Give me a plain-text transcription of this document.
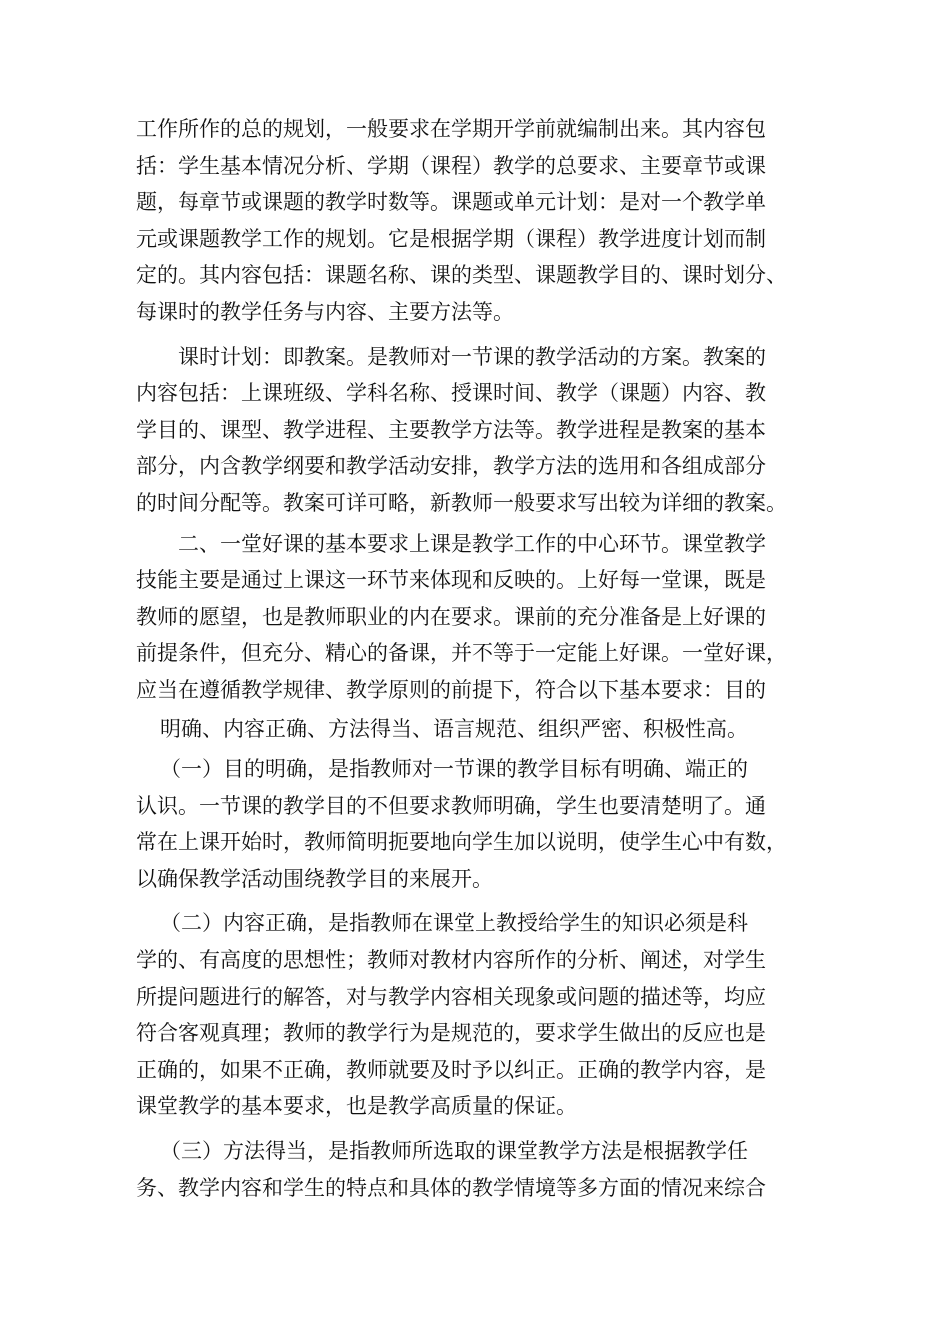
工作所作的总的规划，一般要求在学期开学前就编制出来。其内容包
括：学生基本情况分析、学期（课程）教学的总要求、主要章节或课
题，每章节或课题的教学时数等。课题或单元计划：是对一个教学单
元或课题教学工作的规划。它是根据学期（课程）教学进度计划而制
定的。其内容包括：课题名称、课的类型、课题教学目的、课时划分、
每课时的教学任务与内容、主要方法等。
课时计划：即教案。是教师对一节课的教学活动的方案。教案的
内容包括：上课班级、学科名称、授课时间、教学（课题）内容、教
学目的、课型、教学进程、主要教学方法等。教学进程是教案的基本
部分，内含教学纲要和教学活动安排，教学方法的选用和各组成部分
的时间分配等。教案可详可略，新教师一般要求写出较为详细的教案。
二、一堂好课的基本要求上课是教学工作的中心环节。课堂教学
技能主要是通过上课这一环节来体现和反映的。上好每一堂课，既是
教师的愿望，也是教师职业的内在要求。课前的充分准备是上好课的
前提条件，但充分、精心的备课，并不等于一定能上好课。一堂好课，
应当在遵循教学规律、教学原则的前提下，符合以下基本要求：目的
明确、内容正确、方法得当、语言规范、组织严密、积极性高。
（一）目的明确，是指教师对一节课的教学目标有明确、端正的
认识。一节课的教学目的不但要求教师明确，学生也要清楚明了。通
常在上课开始时，教师简明扼要地向学生加以说明，使学生心中有数，
以确保教学活动围绕教学目的来展开。
（二）内容正确，是指教师在课堂上教授给学生的知识必须是科
学的、有高度的思想性；教师对教材内容所作的分析、阐述，对学生
所提问题进行的解答，对与教学内容相关现象或问题的描述等，均应
符合客观真理；教师的教学行为是规范的，要求学生做出的反应也是
正确的，如果不正确，教师就要及时予以纠正。正确的教学内容，是
课堂教学的基本要求，也是教学高质量的保证。
（三）方法得当，是指教师所选取的课堂教学方法是根据教学任
务、教学内容和学生的特点和具体的教学情境等多方面的情况来综合
